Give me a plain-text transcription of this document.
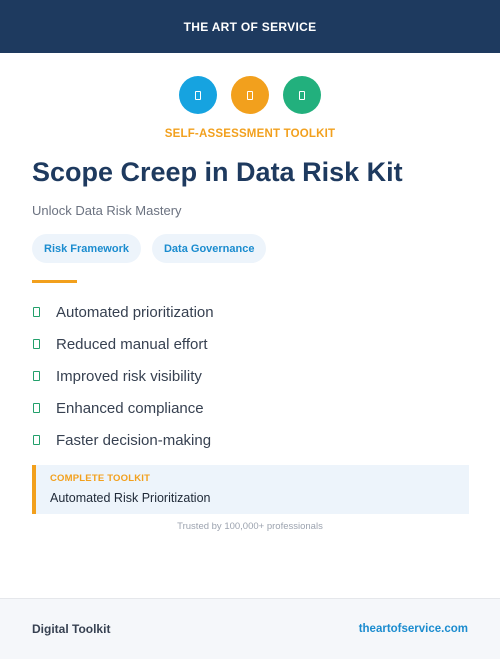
THE ART OF SERVICE
SELF-ASSESSMENT TOOLKIT
Scope Creep in Data Risk Kit
Unlock Data Risk Mastery
Risk Framework	Data Governance
Automated prioritization
Reduced manual effort
Improved risk visibility
Enhanced compliance
Faster decision-making
COMPLETE TOOLKIT
Automated Risk Prioritization
Trusted by 100,000+ professionals
Digital Toolkit	theartofservice.com
